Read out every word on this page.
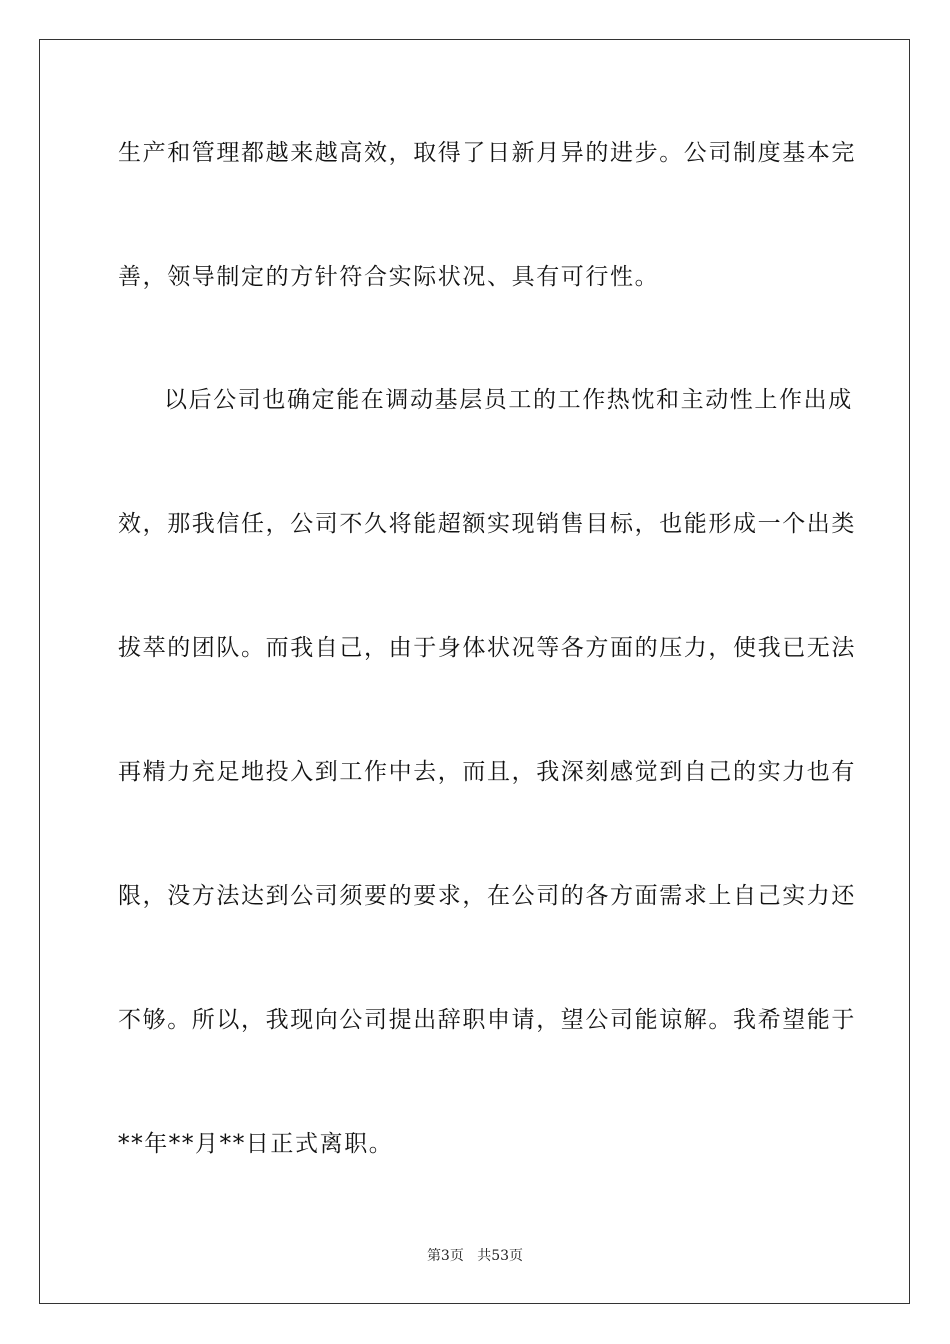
生产和管理都越来越高效，取得了日新月异的进步。公司制度基本完
善，领导制定的方针符合实际状况、具有可行性。
以后公司也确定能在调动基层员工的工作热忱和主动性上作出成
效，那我信任，公司不久将能超额实现销售目标，也能形成一个出类
拔萃的团队。而我自己，由于身体状况等各方面的压力，使我已无法
再精力充足地投入到工作中去，而且，我深刻感觉到自己的实力也有
限，没方法达到公司须要的要求，在公司的各方面需求上自己实力还
不够。所以，我现向公司提出辞职申请，望公司能谅解。我希望能于
**年**月**日正式离职。
第3页 共53页
